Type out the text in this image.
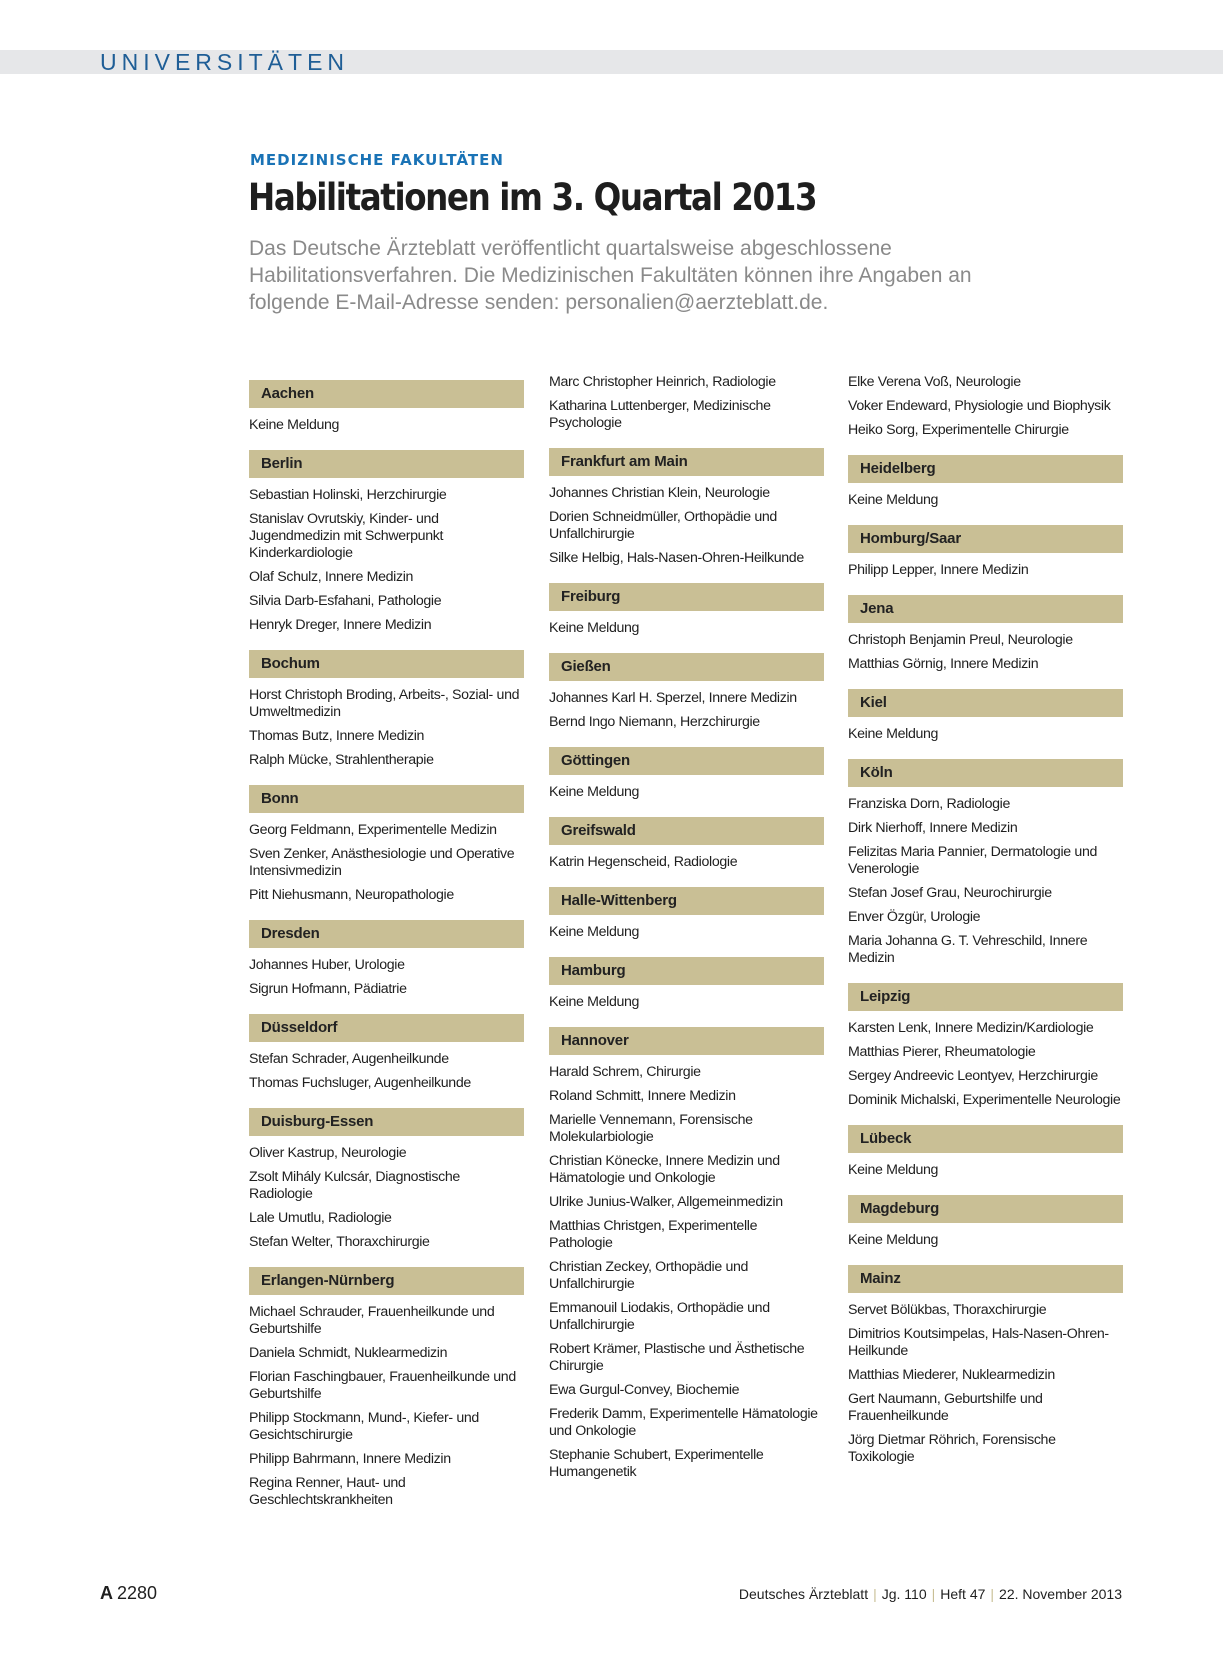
UNIVERSITÄTEN
MEDIZINISCHE FAKULTÄTEN
Habilitationen im 3. Quartal 2013
Das Deutsche Ärzteblatt veröffentlicht quartalsweise abgeschlossene Habilitationsverfahren. Die Medizinischen Fakultäten können ihre Angaben an folgende E-Mail-Adresse senden: personalien@aerzteblatt.de.
Aachen
Keine Meldung
Berlin
Sebastian Holinski, Herzchirurgie
Stanislav Ovrutskiy, Kinder- und Jugendmedizin mit Schwerpunkt Kinderkardiologie
Olaf Schulz, Innere Medizin
Silvia Darb-Esfahani, Pathologie
Henryk Dreger, Innere Medizin
Bochum
Horst Christoph Broding, Arbeits-, Sozial- und Umweltmedizin
Thomas Butz, Innere Medizin
Ralph Mücke, Strahlentherapie
Bonn
Georg Feldmann, Experimentelle Medizin
Sven Zenker, Anästhesiologie und Operative Intensivmedizin
Pitt Niehusmann, Neuropathologie
Dresden
Johannes Huber, Urologie
Sigrun Hofmann, Pädiatrie
Düsseldorf
Stefan Schrader, Augenheilkunde
Thomas Fuchsluger, Augenheilkunde
Duisburg-Essen
Oliver Kastrup, Neurologie
Zsolt Mihály Kulcsár, Diagnostische Radiologie
Lale Umutlu, Radiologie
Stefan Welter, Thoraxchirurgie
Erlangen-Nürnberg
Michael Schrauder, Frauenheilkunde und Geburtshilfe
Daniela Schmidt, Nuklearmedizin
Florian Faschingbauer, Frauenheilkunde und Geburtshilfe
Philipp Stockmann, Mund-, Kiefer- und Gesichtschirurgie
Philipp Bahrmann, Innere Medizin
Regina Renner, Haut- und Geschlechtskrankheiten
Marc Christopher Heinrich, Radiologie
Katharina Luttenberger, Medizinische Psychologie
Frankfurt am Main
Johannes Christian Klein, Neurologie
Dorien Schneidmüller, Orthopädie und Unfallchirurgie
Silke Helbig, Hals-Nasen-Ohren-Heilkunde
Freiburg
Keine Meldung
Gießen
Johannes Karl H. Sperzel, Innere Medizin
Bernd Ingo Niemann, Herzchirurgie
Göttingen
Keine Meldung
Greifswald
Katrin Hegenscheid, Radiologie
Halle-Wittenberg
Keine Meldung
Hamburg
Keine Meldung
Hannover
Harald Schrem, Chirurgie
Roland Schmitt, Innere Medizin
Marielle Vennemann, Forensische Molekularbiologie
Christian Könecke, Innere Medizin und Hämatologie und Onkologie
Ulrike Junius-Walker, Allgemeinmedizin
Matthias Christgen, Experimentelle Pathologie
Christian Zeckey, Orthopädie und Unfallchirurgie
Emmanouil Liodakis, Orthopädie und Unfallchirurgie
Robert Krämer, Plastische und Ästhetische Chirurgie
Ewa Gurgul-Convey, Biochemie
Frederik Damm, Experimentelle Hämatologie und Onkologie
Stephanie Schubert, Experimentelle Humangenetik
Elke Verena Voß, Neurologie
Voker Endeward, Physiologie und Biophysik
Heiko Sorg, Experimentelle Chirurgie
Heidelberg
Keine Meldung
Homburg/Saar
Philipp Lepper, Innere Medizin
Jena
Christoph Benjamin Preul, Neurologie
Matthias Görnig, Innere Medizin
Kiel
Keine Meldung
Köln
Franziska Dorn, Radiologie
Dirk Nierhoff, Innere Medizin
Felizitas Maria Pannier, Dermatologie und Venerologie
Stefan Josef Grau, Neurochirurgie
Enver Özgür, Urologie
Maria Johanna G. T. Vehreschild, Innere Medizin
Leipzig
Karsten Lenk, Innere Medizin/Kardiologie
Matthias Pierer, Rheumatologie
Sergey Andreevic Leontyev, Herzchirurgie
Dominik Michalski, Experimentelle Neurologie
Lübeck
Keine Meldung
Magdeburg
Keine Meldung
Mainz
Servet Bölükbas, Thoraxchirurgie
Dimitrios Koutsimpelas, Hals-Nasen-Ohren-Heilkunde
Matthias Miederer, Nuklearmedizin
Gert Naumann, Geburtshilfe und Frauenheilkunde
Jörg Dietmar Röhrich, Forensische Toxikologie
A 2280	Deutsches Ärzteblatt | Jg. 110 | Heft 47 | 22. November 2013
